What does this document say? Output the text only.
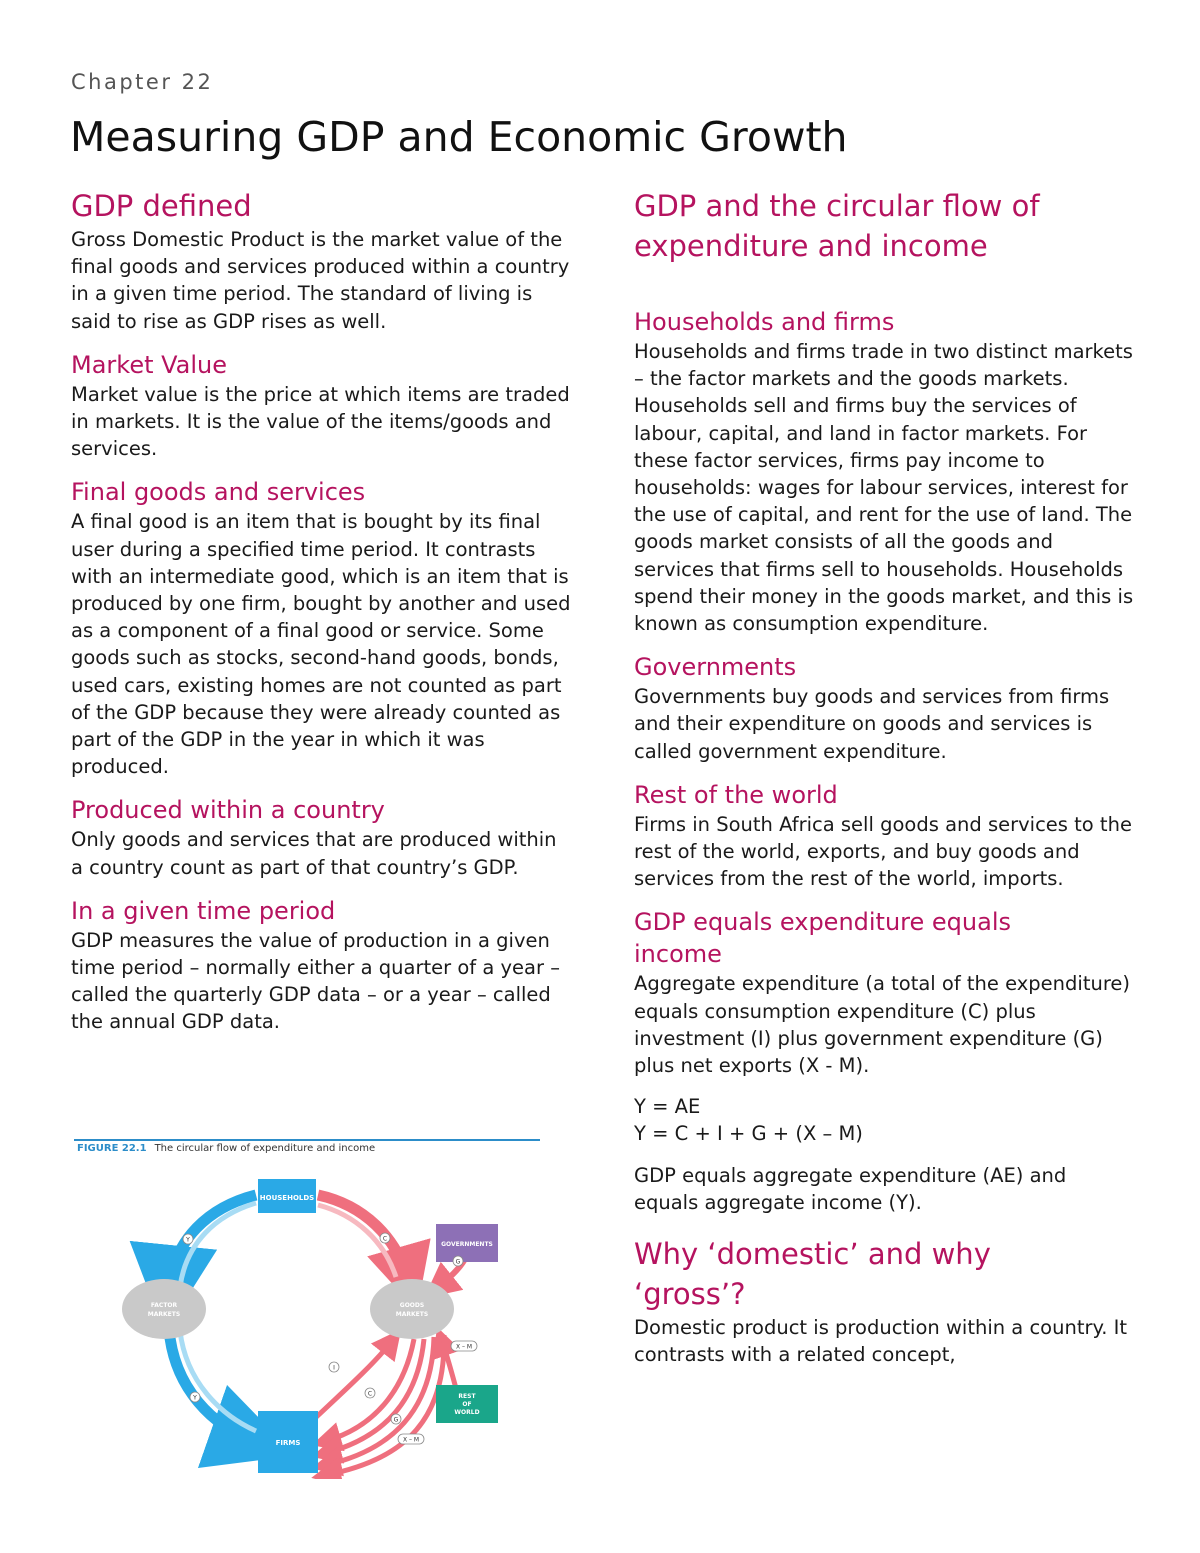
Chapter 22
Measuring GDP and Economic Growth
GDP defined

Gross Domestic Product is the market value of the final goods and services produced within a country in a given time period. The standard of living is said to rise as GDP rises as well.

Market Value

Market value is the price at which items are traded in markets. It is the value of the items/goods and services.

Final goods and services

A final good is an item that is bought by its final user during a specified time period. It contrasts with an intermediate good, which is an item that is produced by one firm, bought by another and used as a component of a final good or service. Some goods such as stocks, second-hand goods, bonds, used cars, existing homes are not counted as part of the GDP because they were already counted as part of the GDP in the year in which it was produced.

Produced within a country

Only goods and services that are produced within a country count as part of that country’s GDP.

In a given time period

GDP measures the value of production in a given time period – normally either a quarter of a year – called the quarterly GDP data – or a year – called the annual GDP data.

FIGURE 22.1 The circular flow of expenditure and income
HOUSEHOLDS
GOVERNMENTS
FACTOR
MARKETS
GOODS
MARKETS
FIRMS
REST
OF
WORLD
Y
Y
C
G
I
C
G
X – M
X – M
GDP and the circular flow of
expenditure and income
Households and firms

Households and firms trade in two distinct markets – the factor markets and the goods markets. Households sell and firms buy the services of labour, capital, and land in factor markets. For these factor services, firms pay income to households: wages for labour services, interest for the use of capital, and rent for the use of land. The goods market consists of all the goods and services that firms sell to households. Households spend their money in the goods market, and this is known as consumption expenditure.

Governments

Governments buy goods and services from firms and their expenditure on goods and services is called government expenditure.

Rest of the world

Firms in South Africa sell goods and services to the rest of the world, exports, and buy goods and services from the rest of the world, imports.

GDP equals expenditure equals
income

Aggregate expenditure (a total of the expenditure) equals consumption expenditure (C) plus investment (I) plus government expenditure (G) plus net exports (X - M).

Y = AE

Y = C + I + G + (X – M)

GDP equals aggregate expenditure (AE) and equals aggregate income (Y).

Why ‘domestic’ and why
‘gross’?

Domestic product is production within a country. It contrasts with a related concept,
